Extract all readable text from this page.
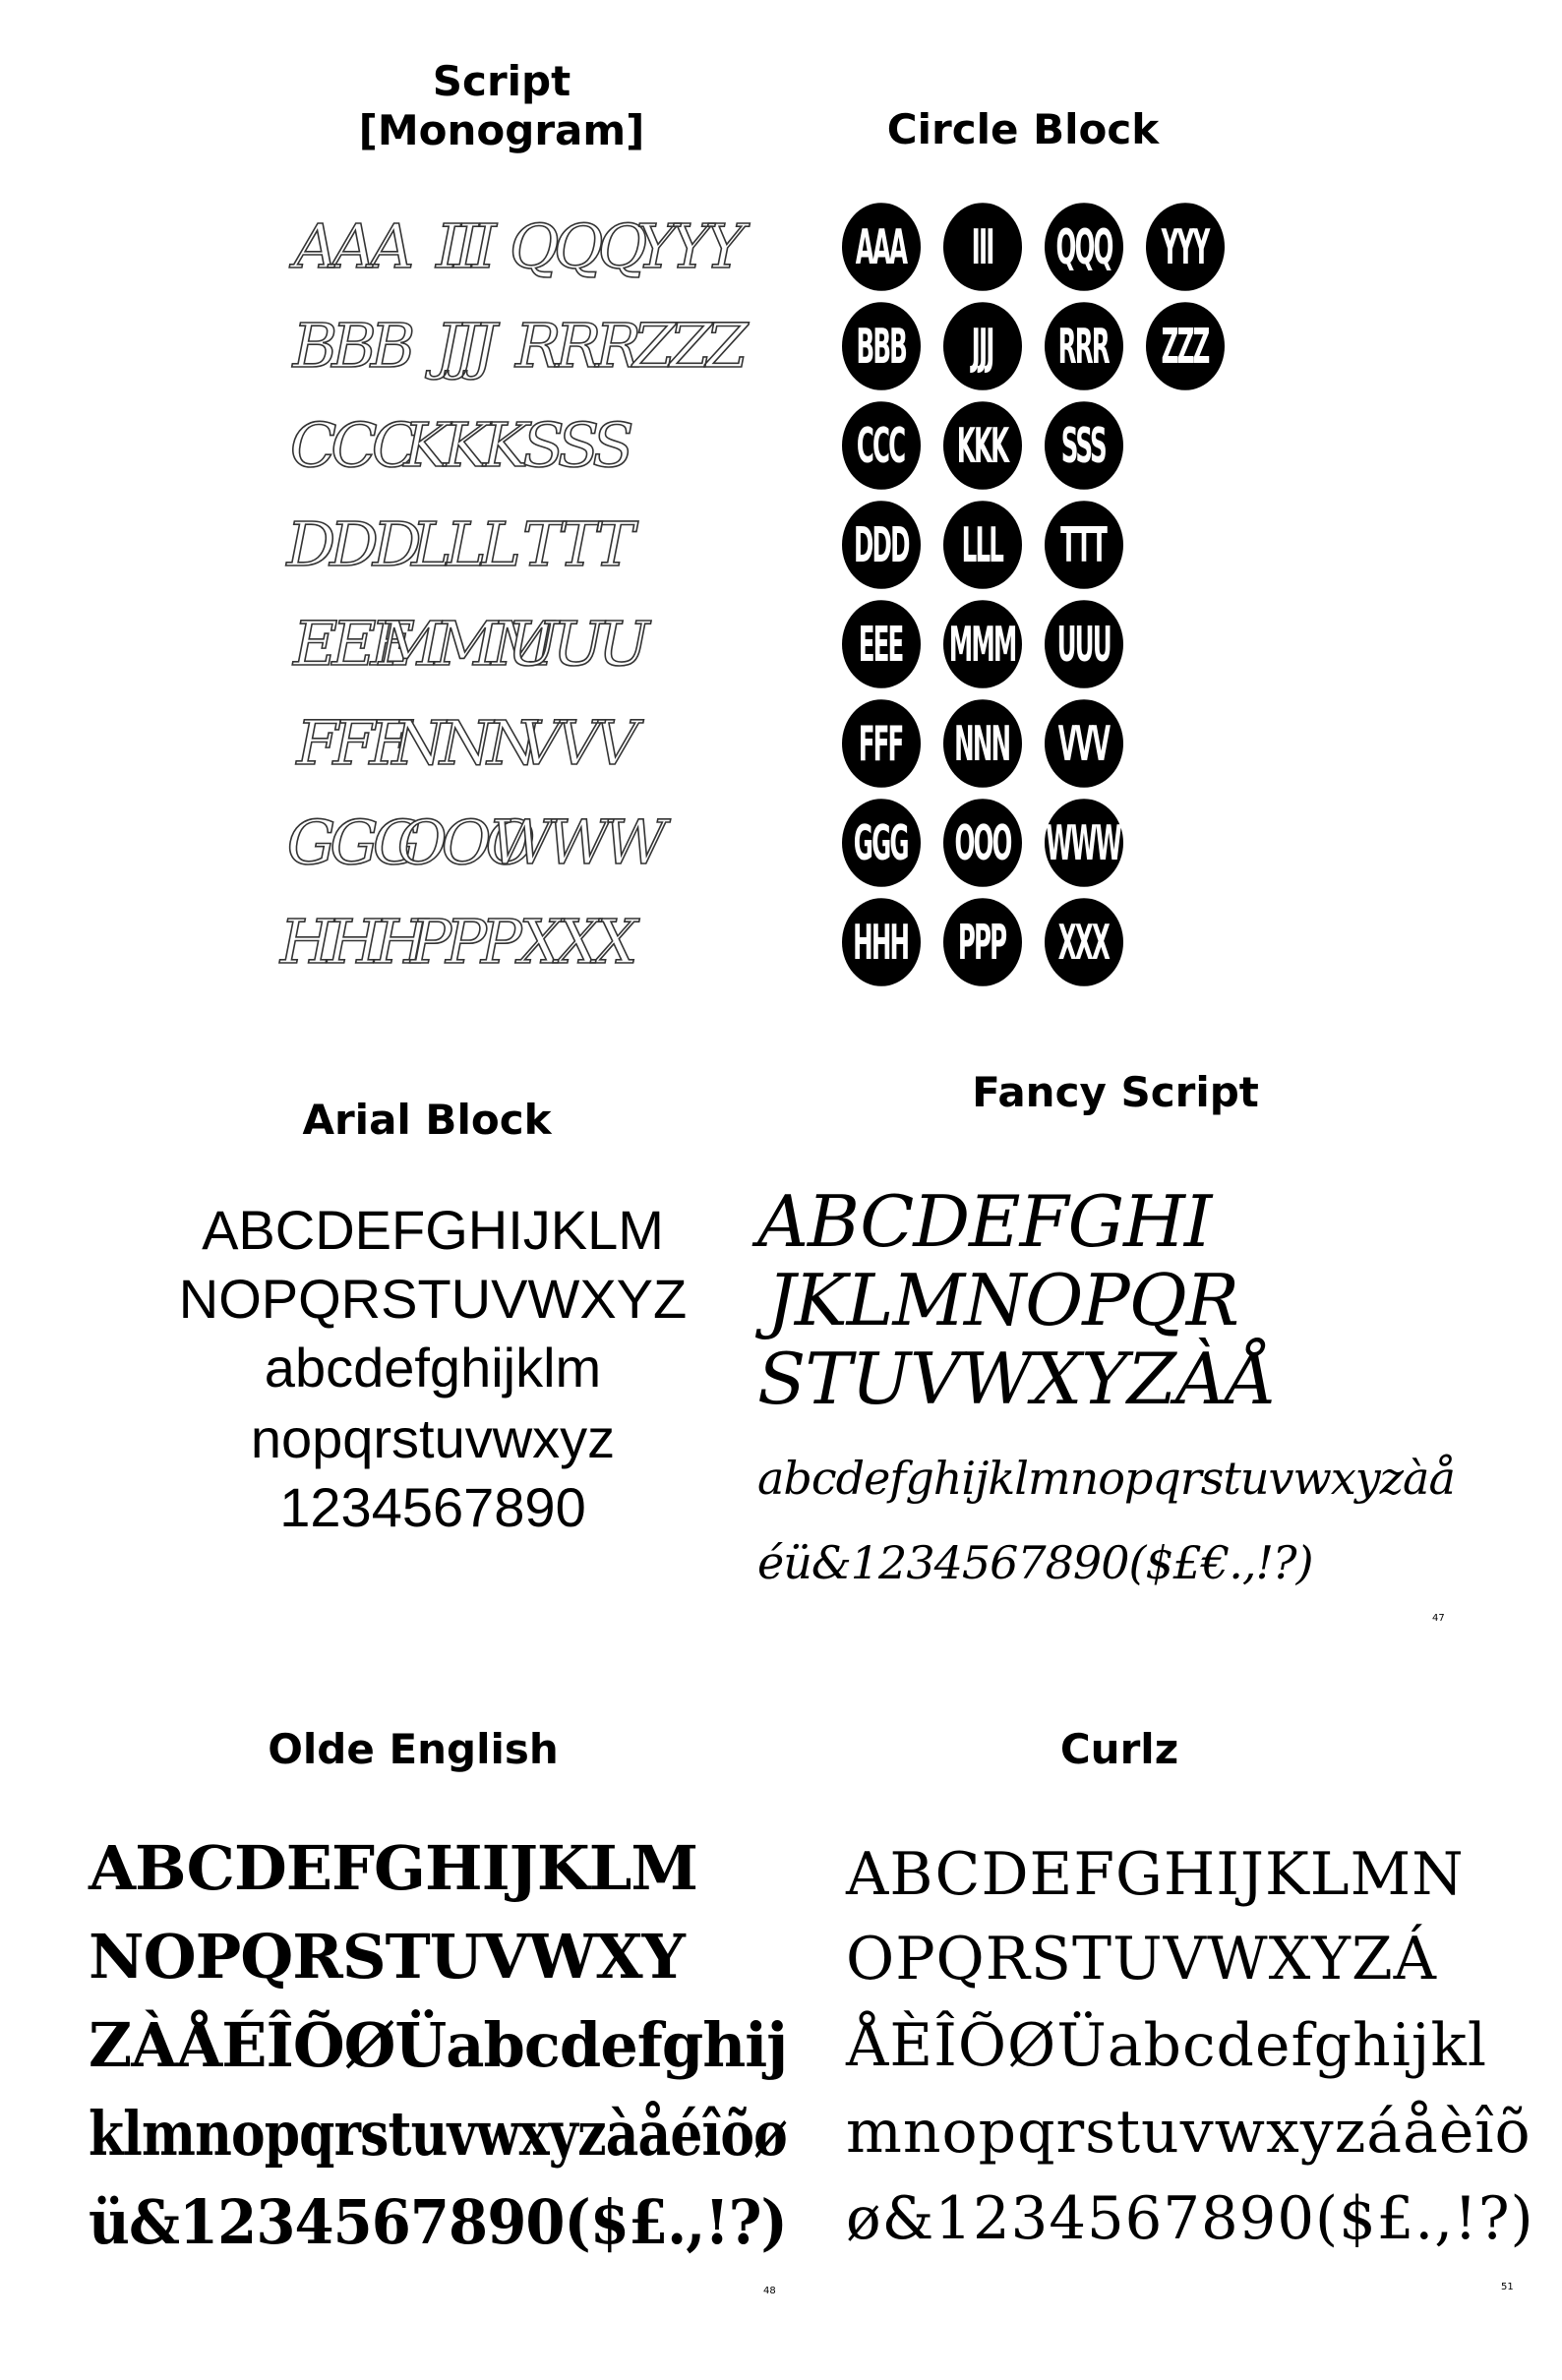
Script
[Monogram]
AAA III QQQ
YYY
BBB JJJ RRR
ZZZ
CCC
KKK SSS
DDD
LLL TTT
EEE
MMM
UUU
FFF
NNN
VVV
GGG
OOO
WWW
HHH
PPP XXX
Circle Block
AAA III QQQ YYY
BBB JJJ RRR ZZZ
CCC KKK SSS
DDD LLL TTT
EEE MMM UUU
FFF NNN VVV
GGG OOO WWW
HHH PPP XXX
Arial Block
ABCDEFGHIJKLM
NOPQRSTUVWXYZ
abcdefghijklm
nopqrstuvwxyz
1234567890
Fancy Script
ABCDEFGHI
JKLMNOPQR
STUVWXYZÀÅ
abcdefghijklmnopqrstuvwxyzàå
éü&1234567890($£€.,!?)
47
Olde English
ABCDEFGHIJKLM
NOPQRSTUVWXY
ZÀÅÉÎÕØÜabcdefghij
klmnopqrstuvwxyzàåéîõø
ü&1234567890($£.,!?)
48
Curlz
ABCDEFGHIJKLMN
OPQRSTUVWXYZÁ
ÅÈÎÕØÜabcdefghijkl
mnopqrstuvwxyzáåèîõ
ø&1234567890($£.,!?)
51
